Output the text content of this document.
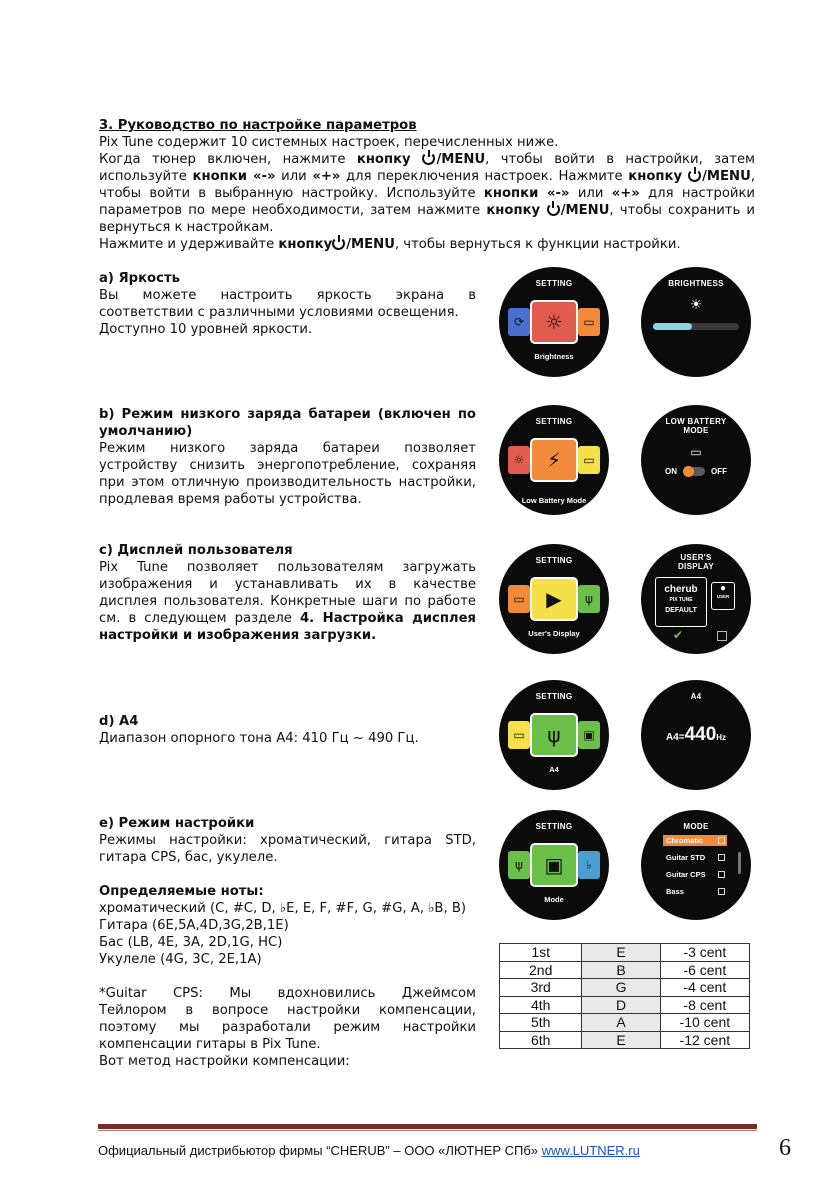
3. Руководство по настройке параметров
Pix Tune содержит 10 системных настроек, перечисленных ниже.
Когда тюнер включен, нажмите кнопку /MENU, чтобы войти в настройки, затем
используйте кнопки «-» или «+» для переключения настроек. Нажмите кнопку /MENU,
чтобы войти в выбранную настройку. Используйте кнопки «-» или «+» для настройки
параметров по мере необходимости, затем нажмите кнопку /MENU, чтобы сохранить и
вернуться к настройкам.
Нажмите и удерживайте кнопку /MENU, чтобы вернуться к функции настройки.
а) Яркость
Вы можете настроить яркость экрана в
соответствии с различными условиями освещения.
Доступно 10 уровней яркости.
b) Режим низкого заряда батареи (включен по
умолчанию)
Режим низкого заряда батареи позволяет
устройству снизить энергопотребление, сохраняя
при этом отличную производительность настройки,
продлевая время работы устройства.
с) Дисплей пользователя
Pix Tune позволяет пользователям загружать
изображения и устанавливать их в качестве
дисплея пользователя. Конкретные шаги по работе
см. в следующем разделе 4. Настройка дисплея
настройки и изображения загрузки.
d) A4
Диапазон опорного тона A4: 410 Гц ~ 490 Гц.
е) Режим настройки
Режимы настройки: хроматический, гитара STD,
гитара CPS, бас, укулеле.
Определяемые ноты:
хроматический (C, #C, D, ♭E, E, F, #F, G, #G, A, ♭B, B)
Гитара (6E,5A,4D,3G,2B,1E)
Бас (LB, 4E, 3A, 2D,1G, HC)
Укулеле (4G, 3C, 2E,1A)
*Guitar CPS: Мы вдохновились Джеймсом
Тейлором в вопросе настройки компенсации,
поэтому мы разработали режим настройки
компенсации гитары в Pix Tune.
Вот метод настройки компенсации:
SETTING
⟳	▭
☼
Brightness
BRIGHTNESS
☀
SETTING
☼	▭
⚡
Low Battery Mode
LOW BATTERY MODE
▭
ON	OFF
SETTING
▭	ψ
▶
User's Display
USER'S DISPLAY
cherub
PIX TUNE
DEFAULT
●
USER
✔
SETTING
▭	▣
ψ
A4
A4
A4=440Hz
SETTING
ψ	♭
▣
Mode
MODE
Chromatic
Guitar STD
Guitar CPS
Bass
1st	E	-3 cent
2nd	B	-6 cent
3rd	G	-4 cent
4th	D	-8 cent
5th	A	-10 cent
6th	E	-12 cent
Официальный дистрибьютор фирмы “CHERUB” – ООО «ЛЮТНЕР СПб» www.LUTNER.ru	6
